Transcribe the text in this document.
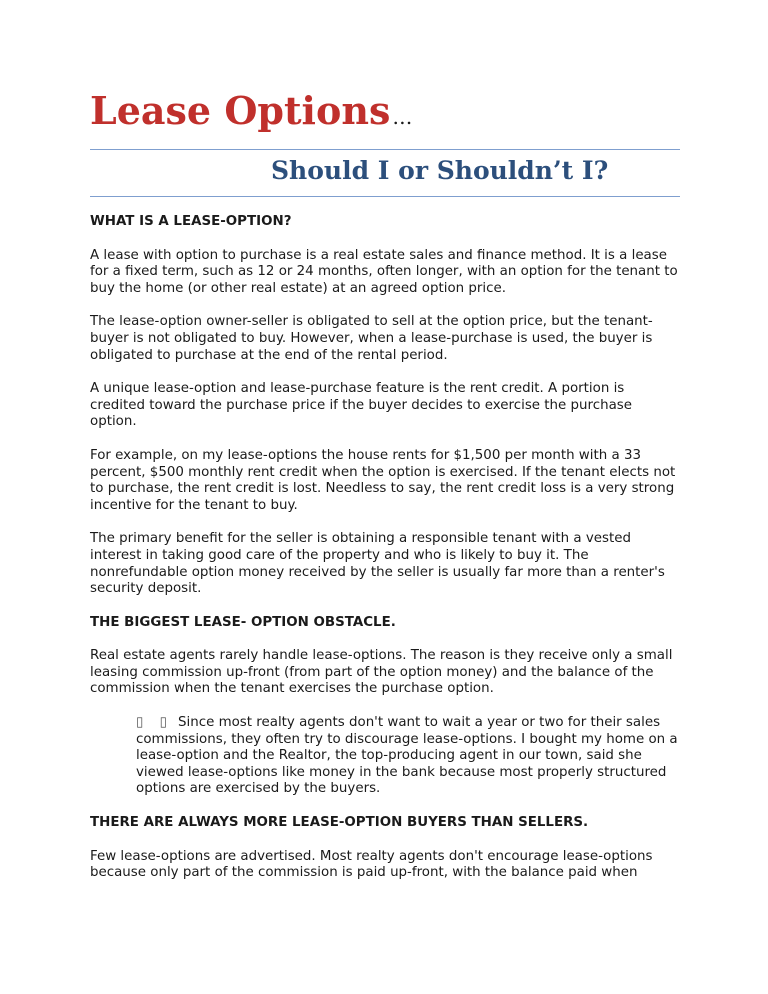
Lease Options …
Should I or Shouldn’t I?

WHAT IS A LEASE-OPTION?

A lease with option to purchase is a real estate sales and finance method. It is a lease for a fixed term, such as 12 or 24 months, often longer, with an option for the tenant to buy the home (or other real estate) at an agreed option price.

The lease-option owner-seller is obligated to sell at the option price, but the tenant-buyer is not obligated to buy. However, when a lease-purchase is used, the buyer is obligated to purchase at the end of the rental period.

A unique lease-option and lease-purchase feature is the rent credit. A portion is credited toward the purchase price if the buyer decides to exercise the purchase option.

For example, on my lease-options the house rents for $1,500 per month with a 33 percent, $500 monthly rent credit when the option is exercised. If the tenant elects not to purchase, the rent credit is lost. Needless to say, the rent credit loss is a very strong incentive for the tenant to buy.

The primary benefit for the seller is obtaining a responsible tenant with a vested interest in taking good care of the property and who is likely to buy it. The nonrefundable option money received by the seller is usually far more than a renter's security deposit.

THE BIGGEST LEASE- OPTION OBSTACLE.

Real estate agents rarely handle lease-options. The reason is they receive only a small leasing commission up-front (from part of the option money) and the balance of the commission when the tenant exercises the purchase option.

▯ ▯ Since most realty agents don't want to wait a year or two for their sales commissions, they often try to discourage lease-options. I bought my home on a lease-option and the Realtor, the top-producing agent in our town, said she viewed lease-options like money in the bank because most properly structured options are exercised by the buyers.

THERE ARE ALWAYS MORE LEASE-OPTION BUYERS THAN SELLERS.

Few lease-options are advertised. Most realty agents don't encourage lease-options because only part of the commission is paid up-front, with the balance paid when
